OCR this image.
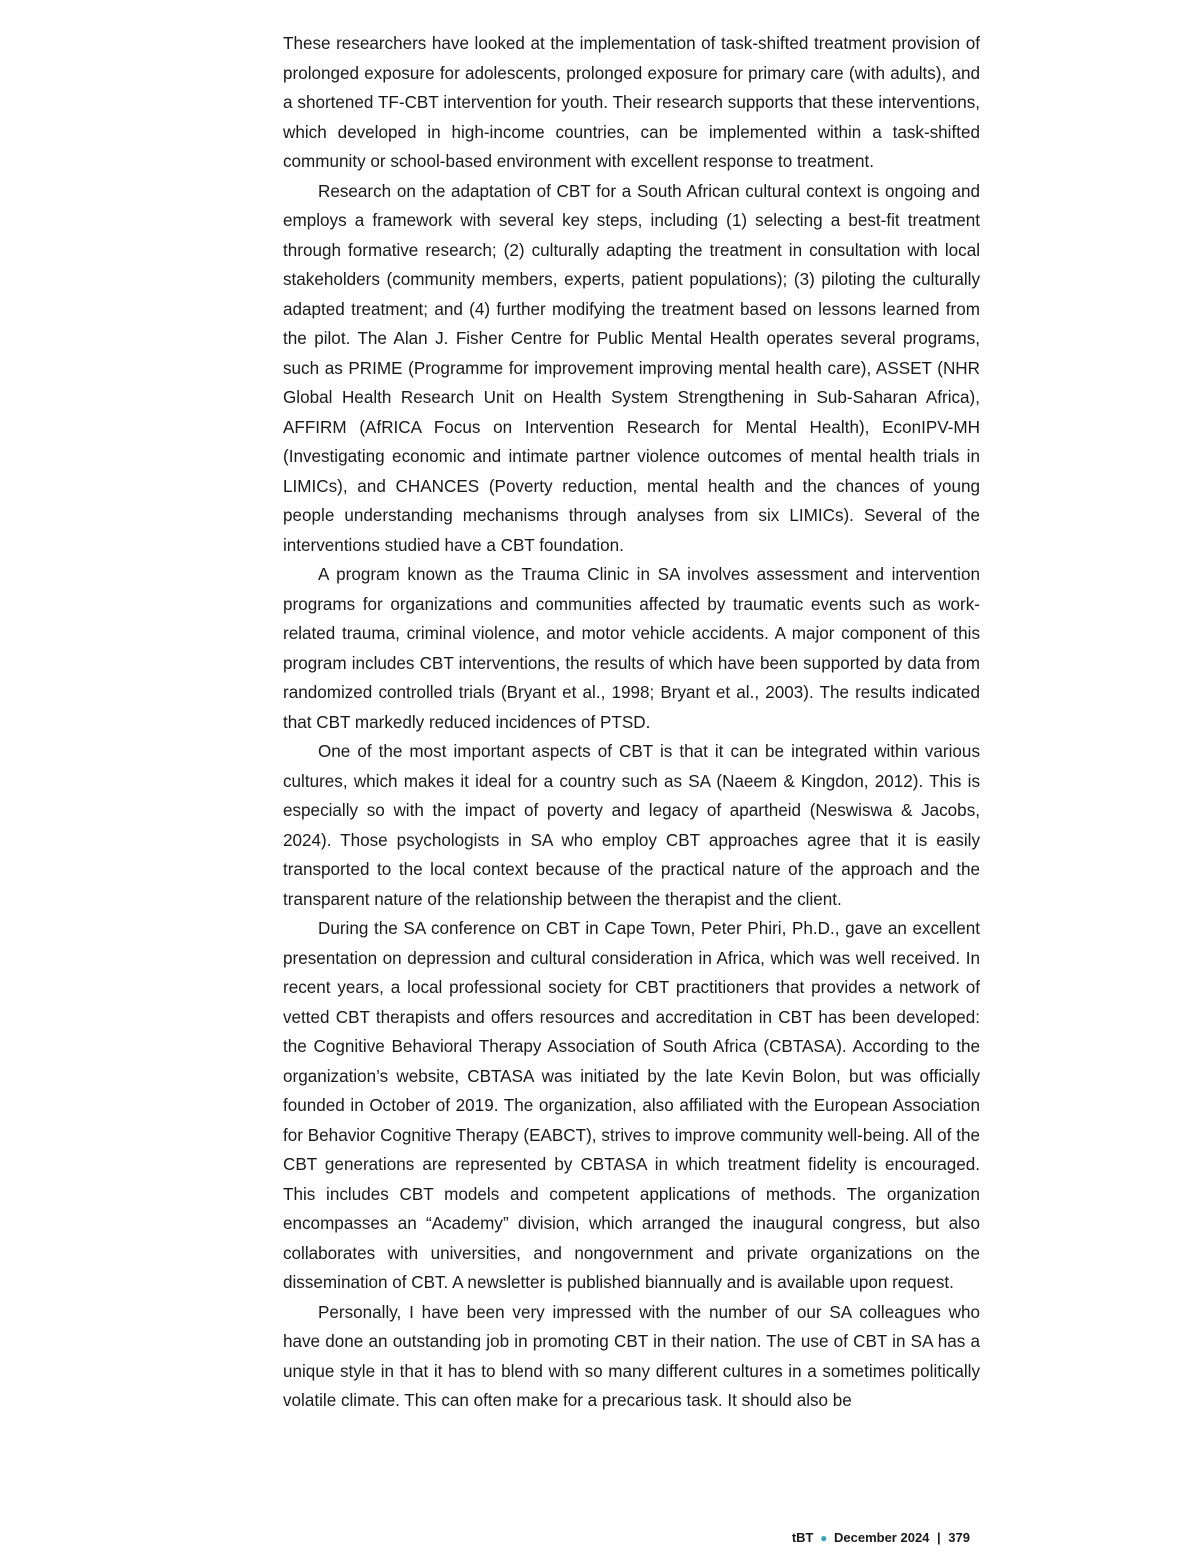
These researchers have looked at the implementation of task-shifted treatment provision of prolonged exposure for adolescents, prolonged exposure for primary care (with adults), and a shortened TF-CBT intervention for youth. Their research supports that these interventions, which developed in high-income countries, can be implemented within a task-shifted community or school-based environment with excellent response to treatment.

Research on the adaptation of CBT for a South African cultural context is ongoing and employs a framework with several key steps, including (1) selecting a best-fit treatment through formative research; (2) culturally adapting the treatment in consultation with local stakeholders (community members, experts, patient populations); (3) piloting the culturally adapted treatment; and (4) further modifying the treatment based on lessons learned from the pilot. The Alan J. Fisher Centre for Public Mental Health operates several programs, such as PRIME (Programme for improvement improving mental health care), ASSET (NHR Global Health Research Unit on Health System Strengthening in Sub-Saharan Africa), AFFIRM (AfRICA Focus on Intervention Research for Mental Health), EconIPV-MH (Investigating economic and intimate partner violence outcomes of mental health trials in LIMICs), and CHANCES (Poverty reduction, mental health and the chances of young people understanding mechanisms through analyses from six LIMICs). Several of the interventions studied have a CBT foundation.

A program known as the Trauma Clinic in SA involves assessment and intervention programs for organizations and communities affected by traumatic events such as work-related trauma, criminal violence, and motor vehicle accidents. A major component of this program includes CBT interventions, the results of which have been supported by data from randomized controlled trials (Bryant et al., 1998; Bryant et al., 2003). The results indicated that CBT markedly reduced incidences of PTSD.

One of the most important aspects of CBT is that it can be integrated within various cultures, which makes it ideal for a country such as SA (Naeem & Kingdon, 2012). This is especially so with the impact of poverty and legacy of apartheid (Neswiswa & Jacobs, 2024). Those psychologists in SA who employ CBT approaches agree that it is easily transported to the local context because of the practical nature of the approach and the transparent nature of the relationship between the therapist and the client.

During the SA conference on CBT in Cape Town, Peter Phiri, Ph.D., gave an excellent presentation on depression and cultural consideration in Africa, which was well received. In recent years, a local professional society for CBT practitioners that provides a network of vetted CBT therapists and offers resources and accreditation in CBT has been developed: the Cognitive Behavioral Therapy Association of South Africa (CBTASA). According to the organization’s website, CBTASA was initiated by the late Kevin Bolon, but was officially founded in October of 2019. The organization, also affiliated with the European Association for Behavior Cognitive Therapy (EABCT), strives to improve community well-being. All of the CBT generations are represented by CBTASA in which treatment fidelity is encouraged. This includes CBT models and competent applications of methods. The organization encompasses an “Academy” division, which arranged the inaugural congress, but also collaborates with universities, and nongovernment and private organizations on the dissemination of CBT. A newsletter is published biannually and is available upon request.

Personally, I have been very impressed with the number of our SA colleagues who have done an outstanding job in promoting CBT in their nation. The use of CBT in SA has a unique style in that it has to blend with so many different cultures in a sometimes politically volatile climate. This can often make for a precarious task. It should also be

tBT ● December 2024 | 379
